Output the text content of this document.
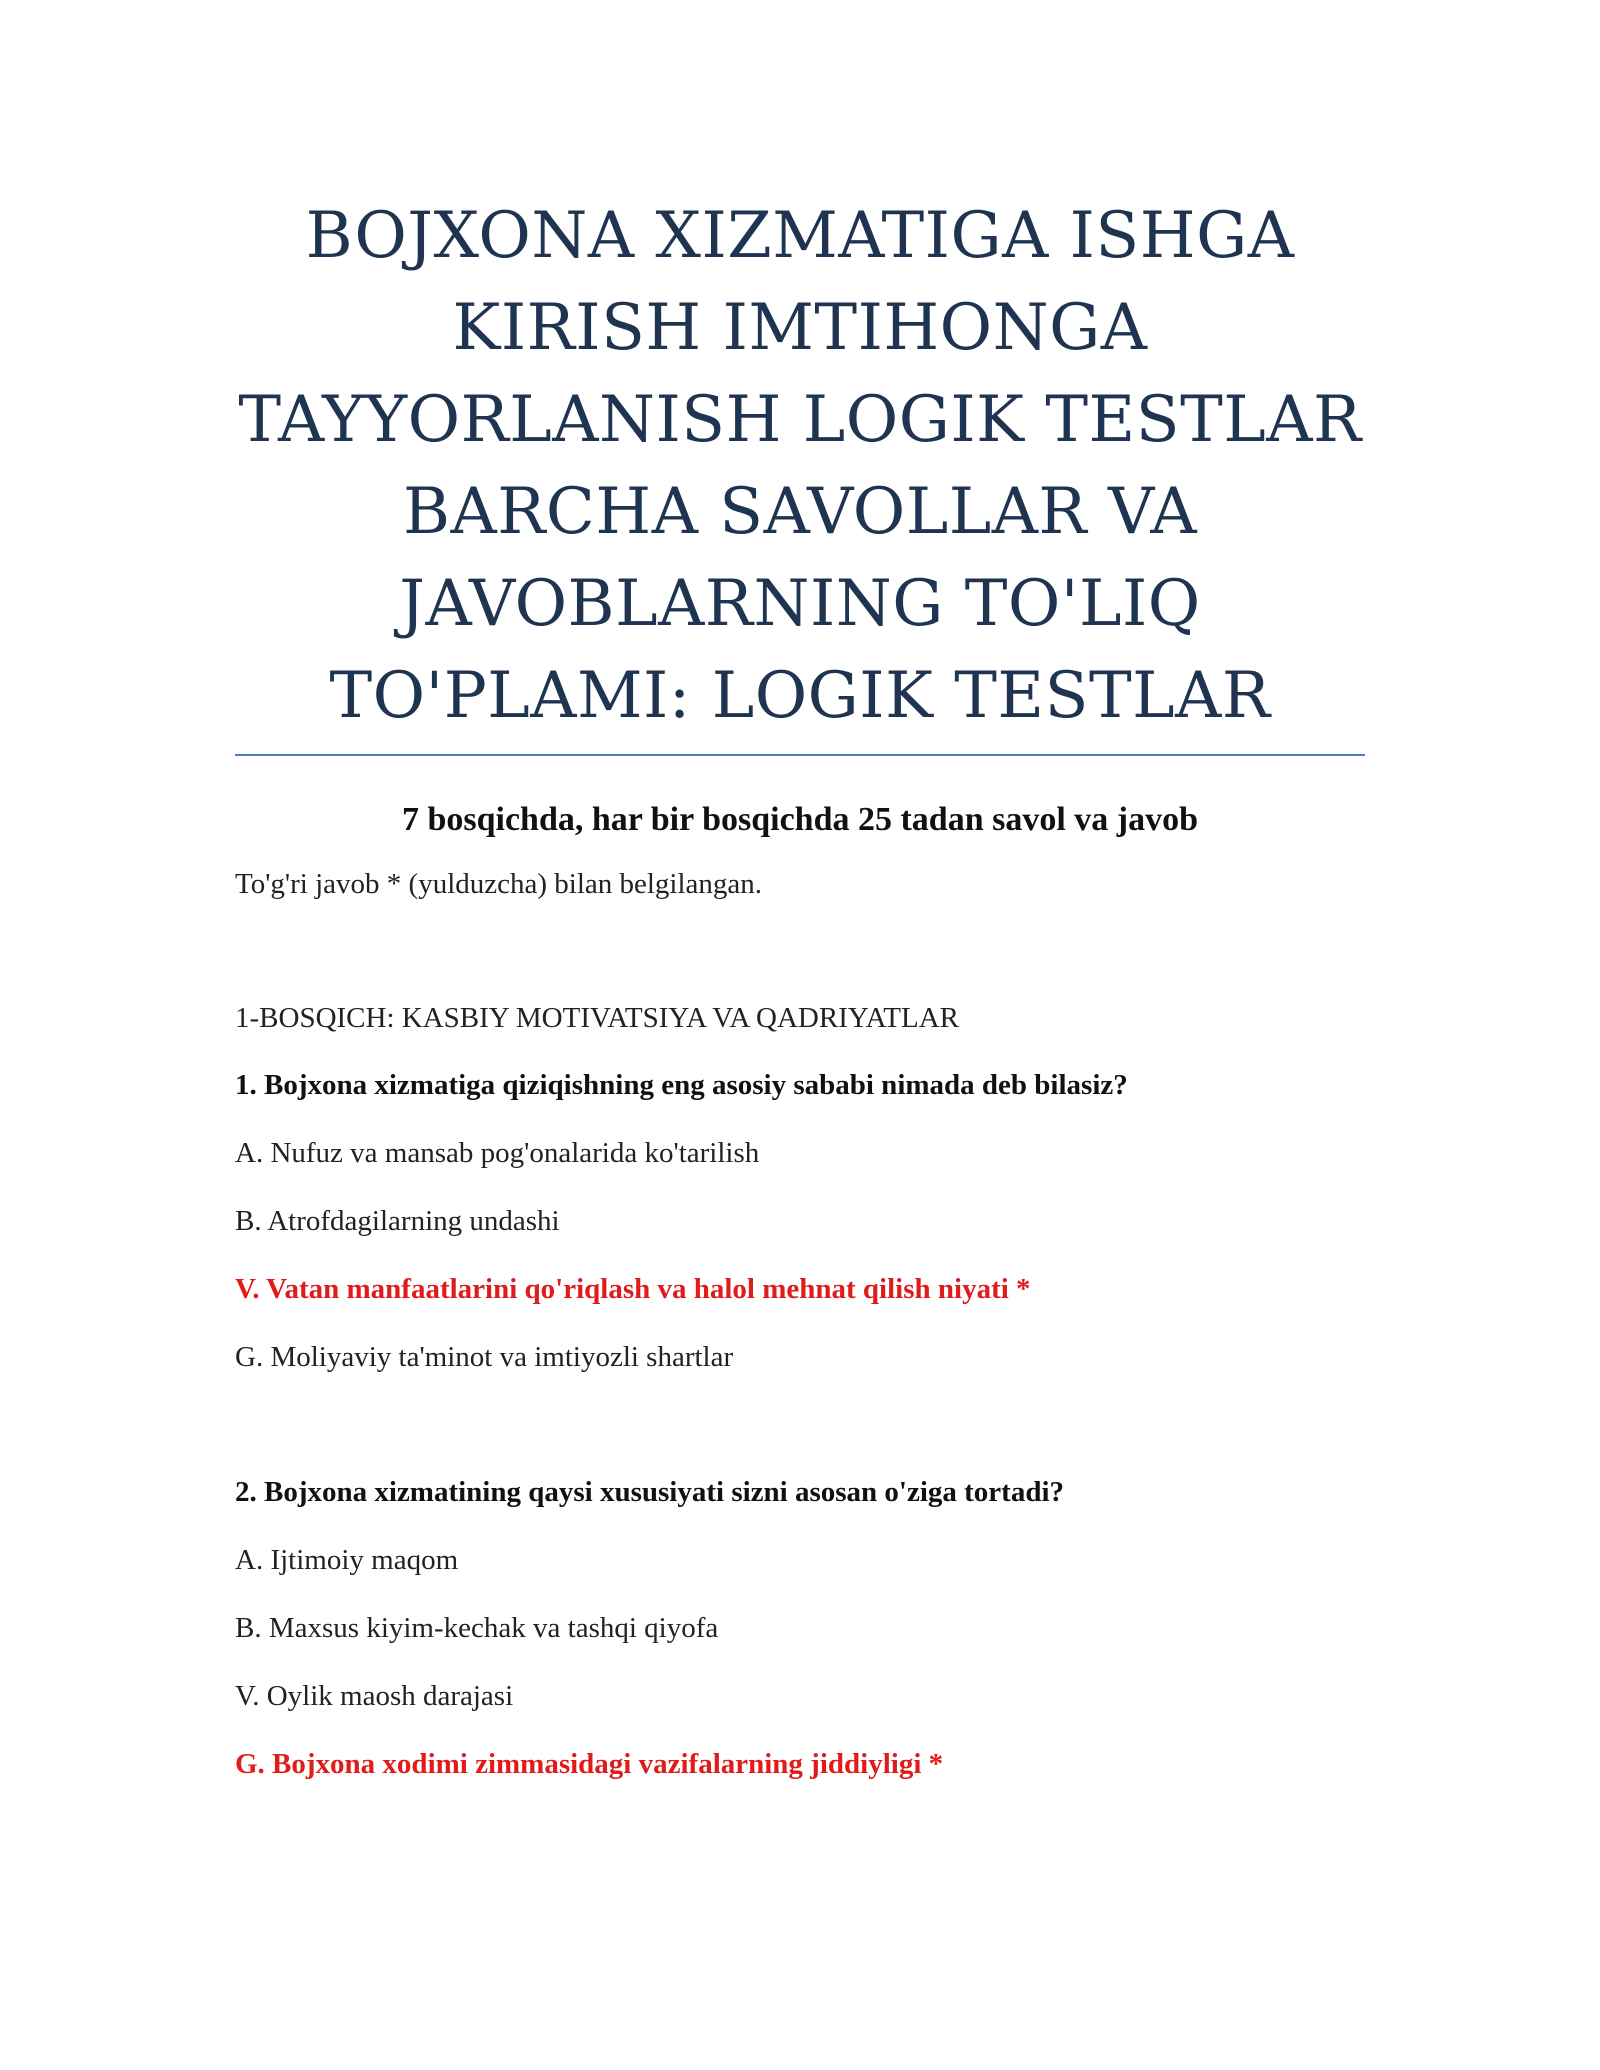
BOJXONA XIZMATIGA ISHGA
KIRISH IMTIHONGA
TAYYORLANISH LOGIK TESTLAR
BARCHA SAVOLLAR VA
JAVOBLARNING TO'LIQ
TO'PLAMI: LOGIK TESTLAR

7 bosqichda, har bir bosqichda 25 tadan savol va javob

To'g'ri javob * (yulduzcha) bilan belgilangan.

1-BOSQICH: KASBIY MOTIVATSIYA VA QADRIYATLAR

1. Bojxona xizmatiga qiziqishning eng asosiy sababi nimada deb bilasiz?

A. Nufuz va mansab pog'onalarida ko'tarilish

B. Atrofdagilarning undashi

V. Vatan manfaatlarini qo'riqlash va halol mehnat qilish niyati *

G. Moliyaviy ta'minot va imtiyozli shartlar

2. Bojxona xizmatining qaysi xususiyati sizni asosan o'ziga tortadi?

A. Ijtimoiy maqom

B. Maxsus kiyim-kechak va tashqi qiyofa

V. Oylik maosh darajasi

G. Bojxona xodimi zimmasidagi vazifalarning jiddiyligi *
